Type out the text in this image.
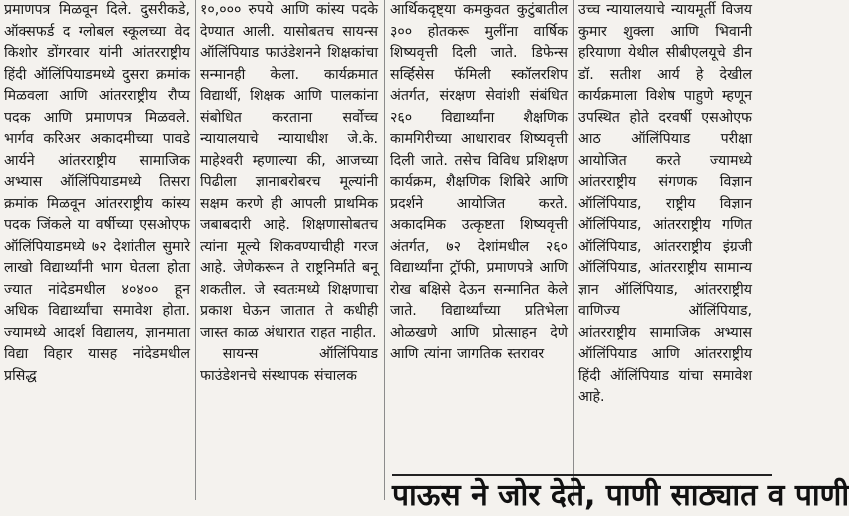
प्रमाणपत्र मिळवून दिले. दुसरीकडे, ऑक्सफर्ड द ग्लोबल स्कूलच्या वेद किशोर डोंगरवार यांनी आंतरराष्ट्रीय हिंदी ऑलिंपियाडमध्ये दुसरा क्रमांक मिळवला आणि आंतरराष्ट्रीय रौप्य पदक आणि प्रमाणपत्र मिळवले. भार्गव करिअर अकादमीच्या पावडे आर्यने आंतरराष्ट्रीय सामाजिक अभ्यास ऑलिंपियाडमध्ये तिसरा क्रमांक मिळवून आंतरराष्ट्रीय कांस्य पदक जिंकले या वर्षीच्या एसओएफ ऑलिंपियाडमध्ये ७२ देशांतील सुमारे लाखो विद्यार्थ्यांनी भाग घेतला होता ज्यात नांदेडमधील ४०४०० हून अधिक विद्यार्थ्यांचा समावेश होता. ज्यामध्ये आदर्श विद्यालय, ज्ञानमाता विद्या विहार यासह नांदेडमधील प्रसिद्ध

१०,००० रुपये आणि कांस्य पदके देण्यात आली. यासोबतच सायन्स ऑलिंपियाड फाउंडेशनने शिक्षकांचा सन्मानही केला. कार्यक्रमात विद्यार्थी, शिक्षक आणि पालकांना संबोधित करताना सर्वोच्च न्यायालयाचे न्यायाधीश जे.के. माहेश्वरी म्हणाल्या की, आजच्या पिढीला ज्ञानाबरोबरच मूल्यांनी सक्षम करणे ही आपली प्राथमिक जबाबदारी आहे. शिक्षणासोबतच त्यांना मूल्ये शिकवण्याचीही गरज आहे. जेणेकरून ते राष्ट्रनिर्माते बनू शकतील. जे स्वतःमध्ये शिक्षणाचा प्रकाश घेऊन जातात ते कधीही जास्त काळ अंधारात राहत नाहीत.

सायन्स ऑलिंपियाड फाउंडेशनचे संस्थापक संचालक

आर्थिकदृष्ट्या कमकुवत कुटुंबातील ३०० होतकरू मुलींना वार्षिक शिष्यवृत्ती दिली जाते. डिफेन्स सर्व्हिसेस फॅमिली स्कॉलरशिप अंतर्गत, संरक्षण सेवांशी संबंधित २६० विद्यार्थ्यांना शैक्षणिक कामगिरीच्या आधारावर शिष्यवृत्ती दिली जाते. तसेच विविध प्रशिक्षण कार्यक्रम, शैक्षणिक शिबिरे आणि प्रदर्शने आयोजित करते. अकादमिक उत्कृष्टता शिष्यवृत्ती अंतर्गत, ७२ देशांमधील २६० विद्यार्थ्यांना ट्रॉफी, प्रमाणपत्रे आणि रोख बक्षिसे देऊन सन्मानित केले जाते. विद्यार्थ्यांच्या प्रतिभेला ओळखणे आणि प्रोत्साहन देणे आणि त्यांना जागतिक स्तरावर

उच्च न्यायालयाचे न्यायमूर्ती विजय कुमार शुक्ला आणि भिवानी हरियाणा येथील सीबीएलयूचे डीन डॉ. सतीश आर्य हे देखील कार्यक्रमाला विशेष पाहुणे म्हणून उपस्थित होते दरवर्षी एसओएफ आठ ऑलिंपियाड परीक्षा आयोजित करते ज्यामध्ये आंतरराष्ट्रीय संगणक विज्ञान ऑलिंपियाड, राष्ट्रीय विज्ञान ऑलिंपियाड, आंतरराष्ट्रीय गणित ऑलिंपियाड, आंतरराष्ट्रीय इंग्रजी ऑलिंपियाड, आंतरराष्ट्रीय सामान्य ज्ञान ऑलिंपियाड, आंतरराष्ट्रीय वाणिज्य ऑलिंपियाड, आंतरराष्ट्रीय सामाजिक अभ्यास ऑलिंपियाड आणि आंतरराष्ट्रीय हिंदी ऑलिंपियाड यांचा समावेश आहे.

पाऊस ने जोर देते, पाणी साठ्यात व पाणी
